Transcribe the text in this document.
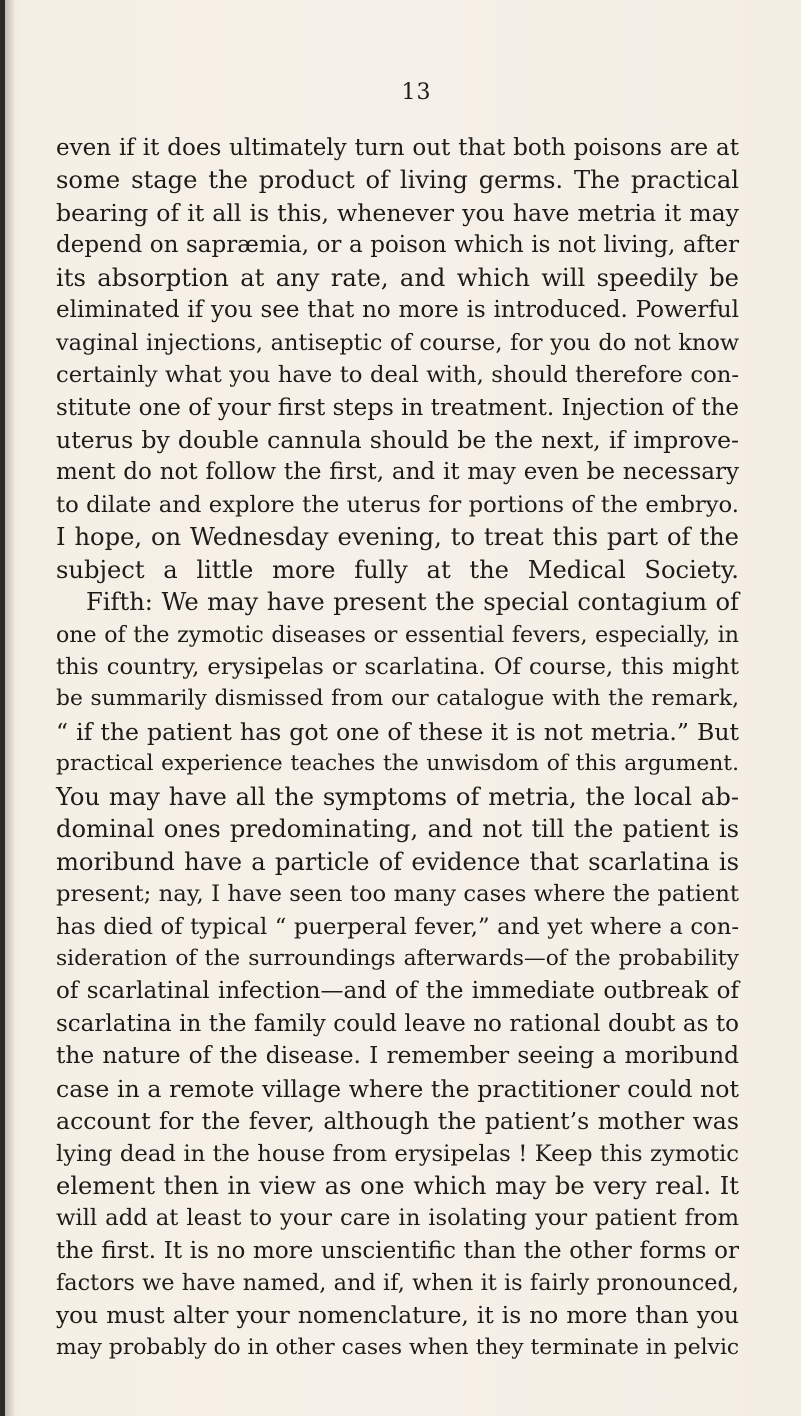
13
even if it does ultimately turn out that both poisons are at
some stage the product of living germs. The practical
bearing of it all is this, whenever you have metria it may
depend on sapræmia, or a poison which is not living, after
its absorption at any rate, and which will speedily be
eliminated if you see that no more is introduced. Powerful
vaginal injections, antiseptic of course, for you do not know
certainly what you have to deal with, should therefore con-
stitute one of your first steps in treatment. Injection of the
uterus by double cannula should be the next, if improve-
ment do not follow the first, and it may even be necessary
to dilate and explore the uterus for portions of the embryo.
I hope, on Wednesday evening, to treat this part of the
subject a little more fully at the Medical Society.
Fifth: We may have present the special contagium of
one of the zymotic diseases or essential fevers, especially, in
this country, erysipelas or scarlatina. Of course, this might
be summarily dismissed from our catalogue with the remark,
“ if the patient has got one of these it is not metria.” But
practical experience teaches the unwisdom of this argument.
You may have all the symptoms of metria, the local ab-
dominal ones predominating, and not till the patient is
moribund have a particle of evidence that scarlatina is
present; nay, I have seen too many cases where the patient
has died of typical “ puerperal fever,” and yet where a con-
sideration of the surroundings afterwards—of the probability
of scarlatinal infection—and of the immediate outbreak of
scarlatina in the family could leave no rational doubt as to
the nature of the disease. I remember seeing a moribund
case in a remote village where the practitioner could not
account for the fever, although the patient’s mother was
lying dead in the house from erysipelas ! Keep this zymotic
element then in view as one which may be very real. It
will add at least to your care in isolating your patient from
the first. It is no more unscientific than the other forms or
factors we have named, and if, when it is fairly pronounced,
you must alter your nomenclature, it is no more than you
may probably do in other cases when they terminate in pelvic
